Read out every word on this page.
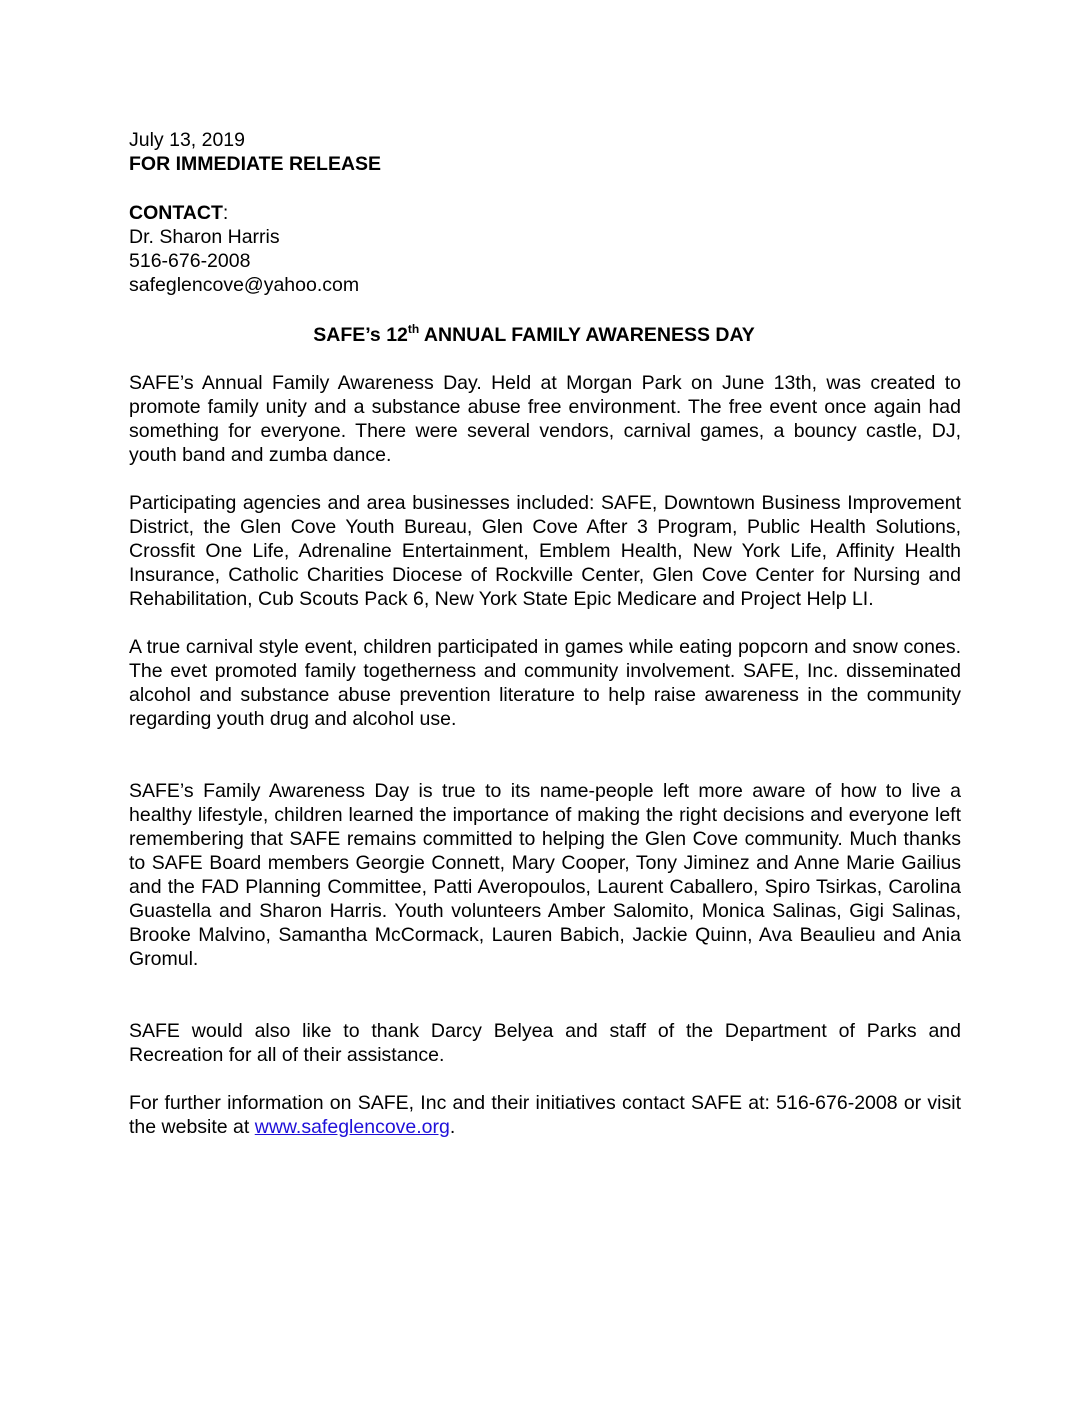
July 13, 2019
FOR IMMEDIATE RELEASE
CONTACT:
Dr. Sharon Harris
516-676-2008
safeglencove@yahoo.com
SAFE’s 12th ANNUAL FAMILY AWARENESS DAY

SAFE’s Annual Family Awareness Day. Held at Morgan Park on June 13th, was created to promote family unity and a substance abuse free environment. The free event once again had something for everyone. There were several vendors, carnival games, a bouncy castle, DJ, youth band and zumba dance.

Participating agencies and area businesses included: SAFE, Downtown Business Improvement District, the Glen Cove Youth Bureau, Glen Cove After 3 Program, Public Health Solutions, Crossfit One Life, Adrenaline Entertainment, Emblem Health, New York Life, Affinity Health Insurance, Catholic Charities Diocese of Rockville Center, Glen Cove Center for Nursing and Rehabilitation, Cub Scouts Pack 6, New York State Epic Medicare and Project Help LI.

A true carnival style event, children participated in games while eating popcorn and snow cones. The evet promoted family togetherness and community involvement. SAFE, Inc. disseminated alcohol and substance abuse prevention literature to help raise awareness in the community regarding youth drug and alcohol use.

SAFE’s Family Awareness Day is true to its name-people left more aware of how to live a healthy lifestyle, children learned the importance of making the right decisions and everyone left remembering that SAFE remains committed to helping the Glen Cove community. Much thanks to SAFE Board members Georgie Connett, Mary Cooper, Tony Jiminez and Anne Marie Gailius and the FAD Planning Committee, Patti Averopoulos, Laurent Caballero, Spiro Tsirkas, Carolina Guastella and Sharon Harris. Youth volunteers Amber Salomito, Monica Salinas, Gigi Salinas, Brooke Malvino, Samantha McCormack, Lauren Babich, Jackie Quinn, Ava Beaulieu and Ania Gromul.

SAFE would also like to thank Darcy Belyea and staff of the Department of Parks and Recreation for all of their assistance.

For further information on SAFE, Inc and their initiatives contact SAFE at: 516-676-2008 or visit the website at www.safeglencove.org.
